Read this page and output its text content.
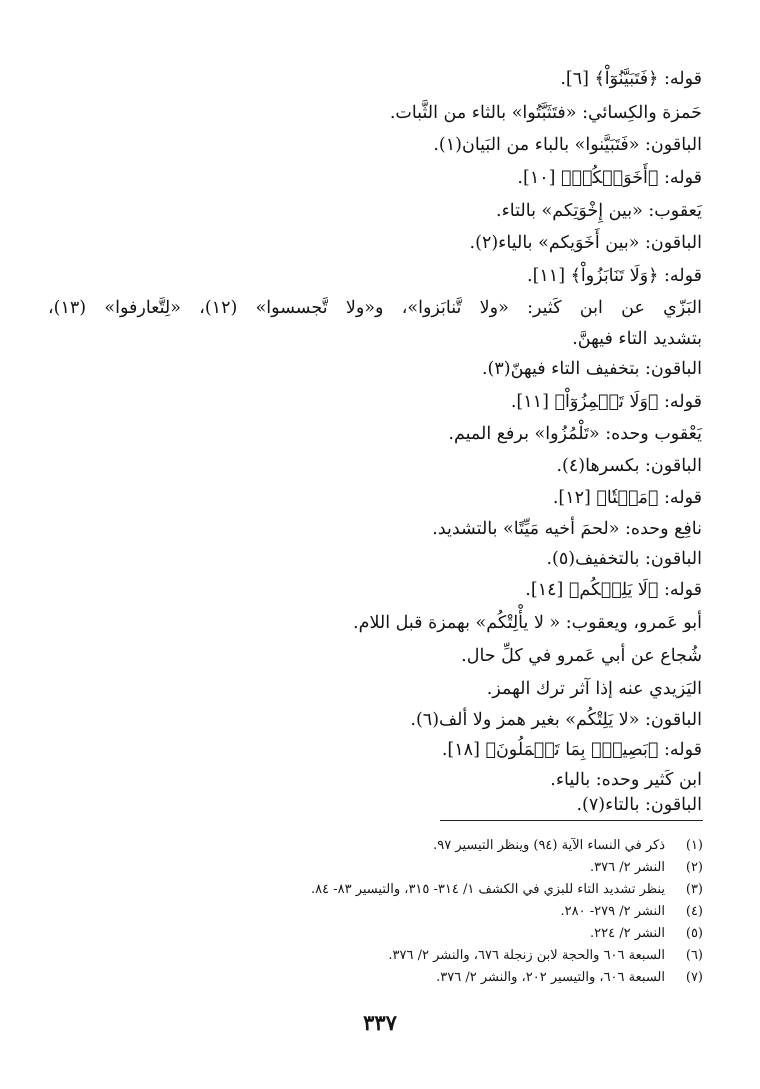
قوله: ﴿فَتَبَيَّنُوٓاْ﴾ [٦].
حَمزة والكِسائي: «فتَثَبَّتُوا» بالثاء من الثَّبات.
الباقون: «فَتَبَيَّنوا» بالباء من البَيان(١).
قوله: ﴿أَخَوَيۡكُمۡ﴾ [١٠].
يَعقوب: «بين إِخْوَتِكم» بالتاء.
الباقون: «بين أَخَوَيكم» بالياء(٢).
قوله: ﴿وَلَا تَنَابَزُواْ﴾ [١١].
البَزّي عن ابن كَثير: «ولا تَّنابَزوا»، و«ولا تَّجسسوا» (١٢)، «لِتَّعارفوا» (١٣)،
بتشديد التاء فيهنَّ.
الباقون: بتخفيف التاء فيهنّ(٣).
قوله: ﴿وَلَا تَلۡمِزُوٓاْ﴾ [١١].
يَعْقوب وحده: «تَلْمُزُوا» برفع الميم.
الباقون: بكسرها(٤).
قوله: ﴿مَيۡتٗا﴾ [١٢].
نافِع وحده: «لحمَ أخيه مَيِّتًا» بالتشديد.
الباقون: بالتخفيف(٥).
قوله: ﴿لَا يَلِتۡكُم﴾ [١٤].
أبو عَمرو، ويعقوب: « لا يأْلِتْكُم» بهمزة قبل اللام.
شُجاع عن أبي عَمرو في كلِّ حال.
اليَزيدي عنه إذا آثر ترك الهمز.
الباقون: «لا يَلِتْكُم» بغير همز ولا ألف(٦).
قوله: ﴿بَصِيرُۢ بِمَا تَعۡمَلُونَ﴾ [١٨].
ابن كَثير وحده: بالياء.
الباقون: بالتاء(٧).
(١)ذكر في النساء الآية (٩٤) وينظر التيسير ٩٧.
(٢)النشر ٢/ ٣٧٦.
(٣)ينظر تشديد التاء للبزي في الكشف ١/ ٣١٤- ٣١٥، والتيسير ٨٣- ٨٤.
(٤)النشر ٢/ ٢٧٩- ٢٨٠.
(٥)النشر ٢/ ٢٢٤.
(٦)السبعة ٦٠٦ والحجة لابن زنجلة ٦٧٦، والنشر ٢/ ٣٧٦.
(٧)السبعة ٦٠٦، والتيسير ٢٠٢، والنشر ٢/ ٣٧٦.
٣٣٧
